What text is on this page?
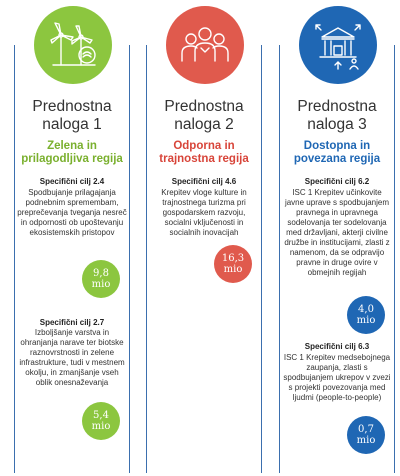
Prednostna
naloga 1
Zelena in
prilagodljiva regija
Specifični cilj 2.4
Spodbujanje prilagajanja podnebnim spremembam, preprečevanja tveganja nesreč in odpornosti ob upoštevanju ekosistemskih pristopov
9,8
mio
Specifični cilj 2.7
Izboljšanje varstva in ohranjanja narave ter biotske raznovrstnosti in zelene infrastrukture, tudi v mestnem okolju, in zmanjšanje vseh oblik onesnaževanja
5,4
mio
Prednostna
naloga 2
Odporna in
trajnostna regija
Specifični cilj 4.6
Krepitev vloge kulture in trajnostnega turizma pri gospodarskem razvoju, socialni vključenosti in socialnih inovacijah
16,3
mio
Prednostna
naloga 3
Dostopna in
povezana regija
Specifični cilj 6.2
ISC 1 Krepitev učinkovite javne uprave s spodbujanjem pravnega in upravnega sodelovanja ter sodelovanja med državljani, akterji civilne družbe in institucijami, zlasti z namenom, da se odpravijo pravne in druge ovire v obmejnih regijah
4,0
mio
Specifični cilj 6.3
ISC 1 Krepitev medsebojnega zaupanja, zlasti s spodbujanjem ukrepov v zvezi s projekti povezovanja med ljudmi (people-to-people)
0,7
mio
